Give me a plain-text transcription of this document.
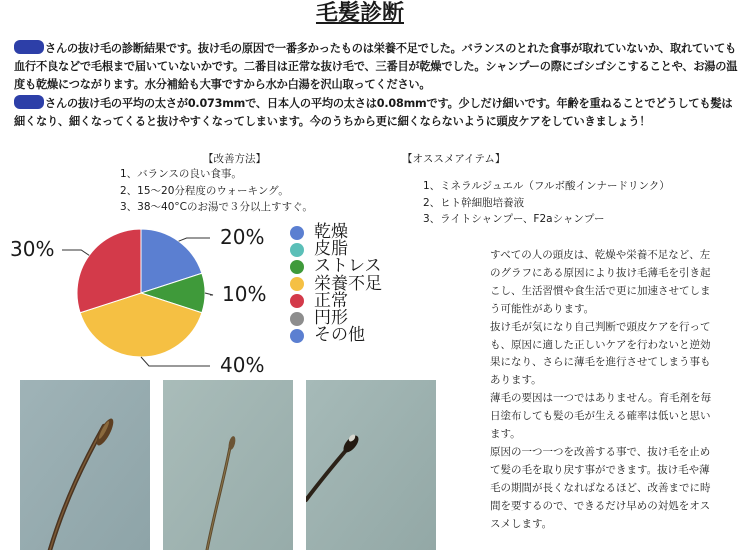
毛髪診断
さんの抜け毛の診断結果です。抜け毛の原因で一番多かったものは栄養不足でした。バランスのとれた食事が取れていないか、取れていても血行不良などで毛根まで届いていないかです。二番目は正常な抜け毛で、三番目が乾燥でした。シャンプーの際にゴシゴシこすることや、お湯の温度も乾燥につながります。水分補給も大事ですから水か白湯を沢山取ってください。
さんの抜け毛の平均の太さが0.073mmで、日本人の平均の太さは0.08mmです。少しだけ細いです。年齢を重ねることでどうしても髪は細くなり、細くなってくると抜けやすくなってしまいます。今のうちから更に細くならないように頭皮ケアをしていきましょう！
【改善方法】
1、バランスの良い食事。
2、15〜20分程度のウォーキング。
3、38〜40°Cのお湯で３分以上すすぐ。
【オススメアイテム】
1、ミネラルジュエル（フルボ酸インナードリンク）
2、ヒト幹細胞培養液
3、ライトシャンプー、F2aシャンプー
20%
10%
40%
30%
乾燥
皮脂
ストレス
栄養不足
正常
円形
その他

すべての人の頭皮は、乾燥や栄養不足など、左のグラフにある原因により抜け毛薄毛を引き起こし、生活習慣や食生活で更に加速させてしまう可能性があります。

抜け毛が気になり自己判断で頭皮ケアを行っても、原因に適した正しいケアを行わないと逆効果になり、さらに薄毛を進行させてしまう事もあります。

薄毛の要因は一つではありません。育毛剤を毎日塗布しても髪の毛が生える確率は低いと思います。

原因の一つ一つを改善する事で、抜け毛を止めて髪の毛を取り戻す事ができます。抜け毛や薄毛の期間が長くなればなるほど、改善までに時間を要するので、できるだけ早めの対処をオススメします。
